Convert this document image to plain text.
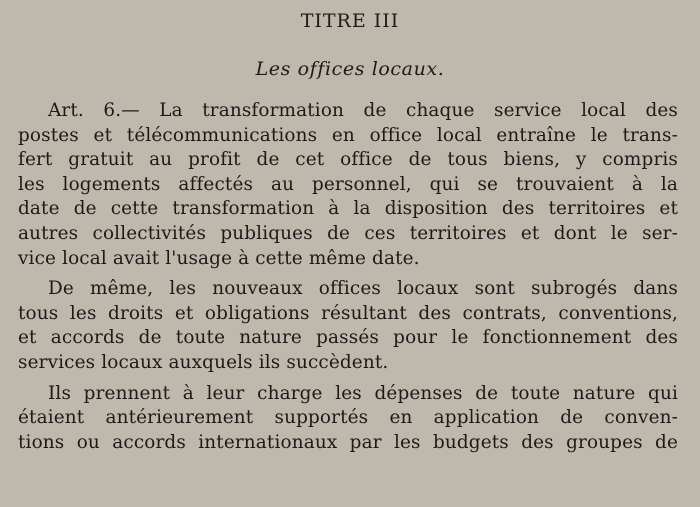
TITRE III
Les offices locaux.
Art. 6.— La transformation de chaque service local des
postes et télécommunications en office local entraîne le trans-
fert gratuit au profit de cet office de tous biens, y compris
les logements affectés au personnel, qui se trouvaient à la
date de cette transformation à la disposition des territoires et
autres collectivités publiques de ces territoires et dont le ser-
vice local avait l'usage à cette même date.
De même, les nouveaux offices locaux sont subrogés dans
tous les droits et obligations résultant des contrats, conventions,
et accords de toute nature passés pour le fonctionnement des
services locaux auxquels ils succèdent.
Ils prennent à leur charge les dépenses de toute nature qui
étaient antérieurement supportés en application de conven-
tions ou accords internationaux par les budgets des groupes de
